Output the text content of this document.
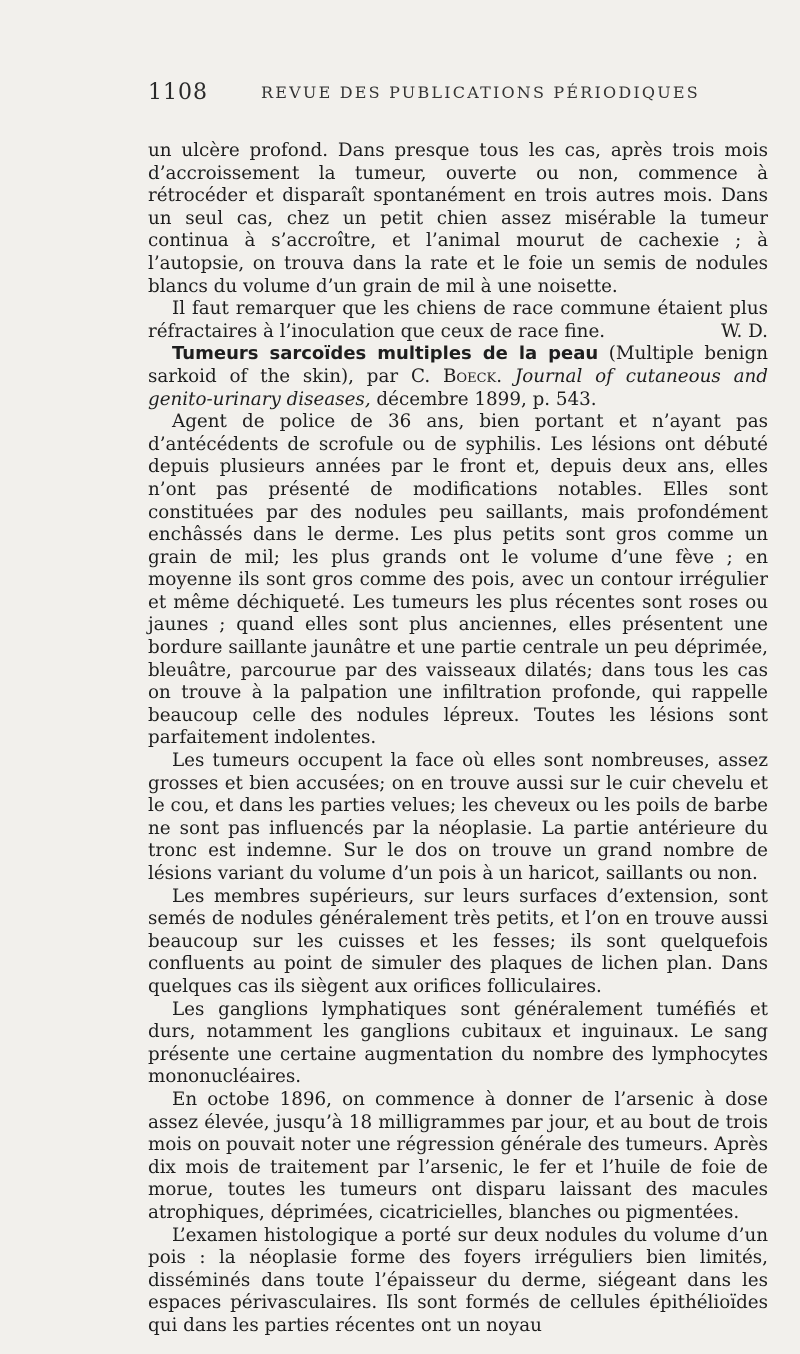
1108	REVUE DES PUBLICATIONS PÉRIODIQUES

un ulcère profond. Dans presque tous les cas, après trois mois d’accroissement la tumeur, ouverte ou non, commence à rétrocéder et disparaît spontanément en trois autres mois. Dans un seul cas, chez un petit chien assez misérable la tumeur continua à s’accroître, et l’animal mourut de cachexie ; à l’autopsie, on trouva dans la rate et le foie un semis de nodules blancs du volume d’un grain de mil à une noisette.

Il faut remarquer que les chiens de race commune étaient plus réfractaires à l’inoculation que ceux de race fine.	W. D.

Tumeurs sarcoïdes multiples de la peau (Multiple benign sarkoid of the skin), par C. Boeck. Journal of cutaneous and genito-urinary diseases, décembre 1899, p. 543.

Agent de police de 36 ans, bien portant et n’ayant pas d’antécédents de scrofule ou de syphilis. Les lésions ont débuté depuis plusieurs années par le front et, depuis deux ans, elles n’ont pas présenté de modifications notables. Elles sont constituées par des nodules peu saillants, mais profondément enchâssés dans le derme. Les plus petits sont gros comme un grain de mil; les plus grands ont le volume d’une fève ; en moyenne ils sont gros comme des pois, avec un contour irrégulier et même déchiqueté. Les tumeurs les plus récentes sont roses ou jaunes ; quand elles sont plus anciennes, elles présentent une bordure saillante jaunâtre et une partie centrale un peu déprimée, bleuâtre, parcourue par des vaisseaux dilatés; dans tous les cas on trouve à la palpation une infiltration profonde, qui rappelle beaucoup celle des nodules lépreux. Toutes les lésions sont parfaitement indolentes.

Les tumeurs occupent la face où elles sont nombreuses, assez grosses et bien accusées; on en trouve aussi sur le cuir chevelu et le cou, et dans les parties velues; les cheveux ou les poils de barbe ne sont pas influencés par la néoplasie. La partie antérieure du tronc est indemne. Sur le dos on trouve un grand nombre de lésions variant du volume d’un pois à un haricot, saillants ou non.

Les membres supérieurs, sur leurs surfaces d’extension, sont semés de nodules généralement très petits, et l’on en trouve aussi beaucoup sur les cuisses et les fesses; ils sont quelquefois confluents au point de simuler des plaques de lichen plan. Dans quelques cas ils siègent aux orifices folliculaires.

Les ganglions lymphatiques sont généralement tuméfiés et durs, notamment les ganglions cubitaux et inguinaux. Le sang présente une certaine augmentation du nombre des lymphocytes mononucléaires.

En octobe 1896, on commence à donner de l’arsenic à dose assez élevée, jusqu’à 18 milligrammes par jour, et au bout de trois mois on pouvait noter une régression générale des tumeurs. Après dix mois de traitement par l’arsenic, le fer et l’huile de foie de morue, toutes les tumeurs ont disparu laissant des macules atrophiques, déprimées, cicatricielles, blanches ou pigmentées.

L’examen histologique a porté sur deux nodules du volume d’un pois : la néoplasie forme des foyers irréguliers bien limités, disséminés dans toute l’épaisseur du derme, siégeant dans les espaces périvasculaires. Ils sont formés de cellules épithélioïdes qui dans les parties récentes ont un noyau
